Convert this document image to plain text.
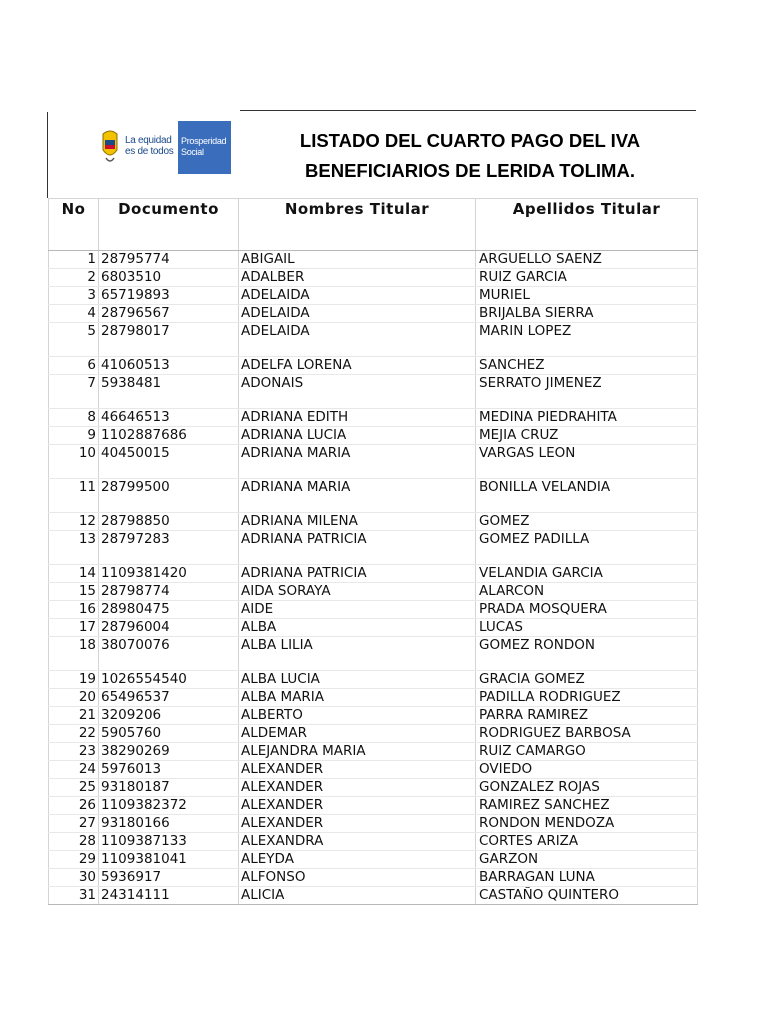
La equidad es de todos
Prosperidad Social
LISTADO DEL CUARTO PAGO DEL IVA
BENEFICIARIOS DE LERIDA TOLIMA.
No	Documento	Nombres Titular	Apellidos Titular
1	28795774	ABIGAIL	ARGUELLO SAENZ
2	6803510	ADALBER	RUIZ GARCIA
3	65719893	ADELAIDA	MURIEL
4	28796567	ADELAIDA	BRIJALBA SIERRA
5	28798017	ADELAIDA	MARIN LOPEZ
6	41060513	ADELFA LORENA	SANCHEZ
7	5938481	ADONAIS	SERRATO JIMENEZ
8	46646513	ADRIANA EDITH	MEDINA PIEDRAHITA
9	1102887686	ADRIANA LUCIA	MEJIA CRUZ
10	40450015	ADRIANA MARIA	VARGAS LEON
11	28799500	ADRIANA MARIA	BONILLA VELANDIA
12	28798850	ADRIANA MILENA	GOMEZ
13	28797283	ADRIANA PATRICIA	GOMEZ PADILLA
14	1109381420	ADRIANA PATRICIA	VELANDIA GARCIA
15	28798774	AIDA SORAYA	ALARCON
16	28980475	AIDE	PRADA MOSQUERA
17	28796004	ALBA	LUCAS
18	38070076	ALBA LILIA	GOMEZ RONDON
19	1026554540	ALBA LUCIA	GRACIA GOMEZ
20	65496537	ALBA MARIA	PADILLA RODRIGUEZ
21	3209206	ALBERTO	PARRA RAMIREZ
22	5905760	ALDEMAR	RODRIGUEZ BARBOSA
23	38290269	ALEJANDRA MARIA	RUIZ CAMARGO
24	5976013	ALEXANDER	OVIEDO
25	93180187	ALEXANDER	GONZALEZ ROJAS
26	1109382372	ALEXANDER	RAMIREZ SANCHEZ
27	93180166	ALEXANDER	RONDON MENDOZA
28	1109387133	ALEXANDRA	CORTES ARIZA
29	1109381041	ALEYDA	GARZON
30	5936917	ALFONSO	BARRAGAN LUNA
31	24314111	ALICIA	CASTAÑO QUINTERO
